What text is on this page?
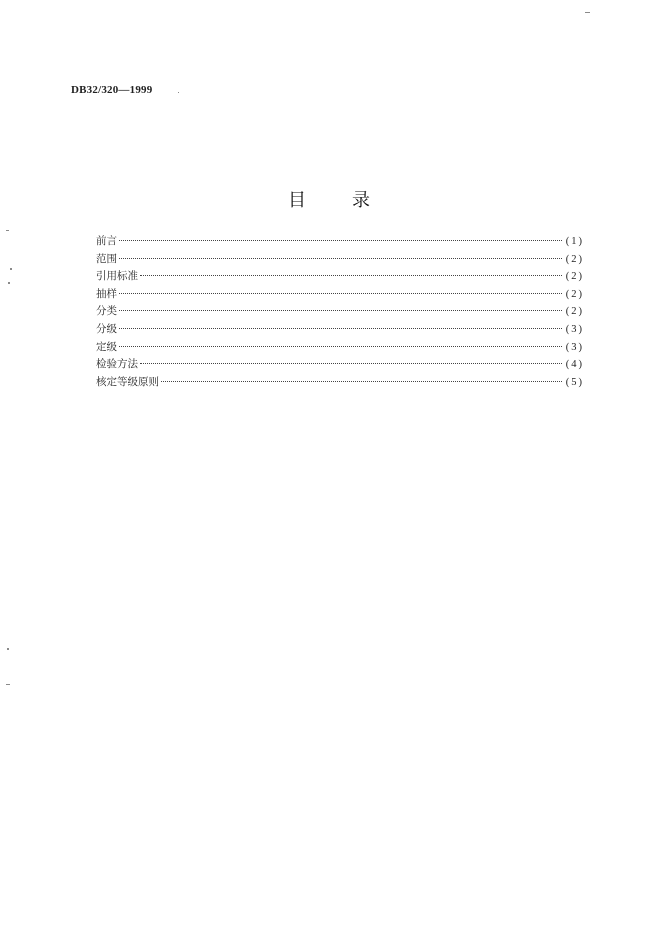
DB32/320—1999
目录
前言	(1)
范围	(2)
引用标准	(2)
抽样	(2)
分类	(2)
分级	(3)
定级	(3)
检验方法	(4)
核定等级原则	(5)
